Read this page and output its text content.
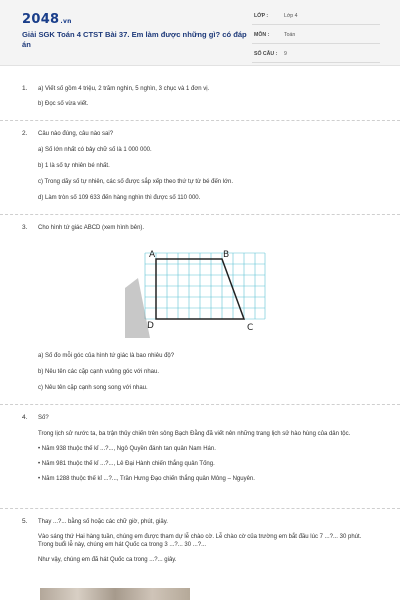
2048.vn
Giải SGK Toán 4 CTST Bài 37. Em làm được những gì? có đáp án
LỚP :	Lớp 4
MÔN :	Toán
SỐ CÂU : 9
1. a) Viết số gồm 4 triệu, 2 trăm nghìn, 5 nghìn, 3 chục và 1 đơn vị.
b) Đọc số vừa viết.
2. Câu nào đúng, câu nào sai?
a) Số lớn nhất có bảy chữ số là 1 000 000.
b) 1 là số tự nhiên bé nhất.
c) Trong dãy số tự nhiên, các số được sắp xếp theo thứ tự từ bé đến lớn.
d) Làm tròn số 109 633 đến hàng nghìn thì được số 110 000.
3. Cho hình tứ giác ABCD (xem hình bên).
A	B
C
D
a) Số đo mỗi góc của hình tứ giác là bao nhiêu độ?
b) Nêu tên các cặp cạnh vuông góc với nhau.
c) Nêu tên cặp cạnh song song với nhau.
4. Số?
Trong lịch sử nước ta, ba trận thủy chiến trên sông Bạch Đằng đã viết nên những trang lịch sử hào hùng của dân tộc.
• Năm 938 thuộc thế kỉ ...?..., Ngô Quyền đánh tan quân Nam Hán.
• Năm 981 thuộc thế kỉ ...?..., Lê Đại Hành chiến thắng quân Tống.
• Năm 1288 thuộc thế kỉ ...?..., Trần Hưng Đạo chiến thắng quân Mông – Nguyên.
5. Thay ...?... bằng số hoặc các chữ giờ, phút, giây.
Vào sáng thứ Hai hàng tuần, chúng em được tham dự lễ chào cờ. Lễ chào cờ của trường em bắt đầu lúc 7 ...?... 30 phút. Trong buổi lễ này, chúng em hát Quốc ca trong 3 ...?... 30 ...?...
Như vậy, chúng em đã hát Quốc ca trong ...?... giây.
